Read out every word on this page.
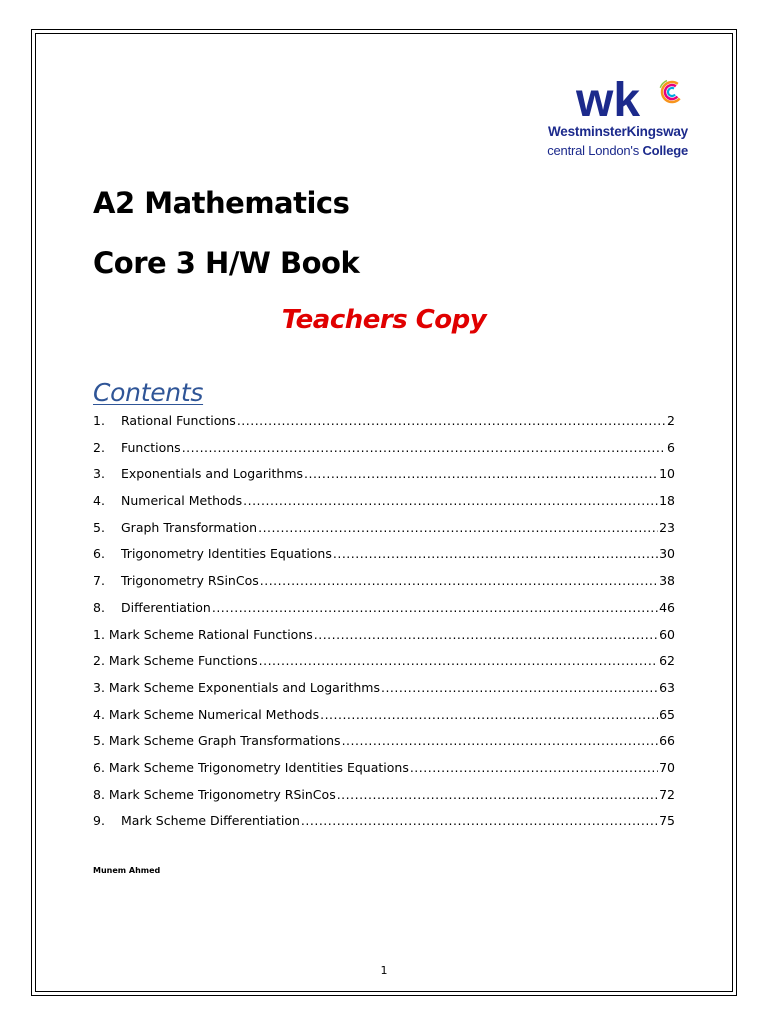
wk
WestminsterKingsway
central London's College
A2 Mathematics
Core 3 H/W Book
Teachers Copy
Contents
1.	Rational Functions .....	2
2.	Functions .....	6
3.	Exponentials and Logarithms .....	10
4.	Numerical Methods .....	18
5.	Graph Transformation .....	23
6.	Trigonometry Identities Equations .....	30
7.	Trigonometry RSinCos .....	38
8.	Differentiation .....	46
1. Mark Scheme Rational Functions .....	60
2. Mark Scheme Functions .....	62
3. Mark Scheme Exponentials and Logarithms .....	63
4. Mark Scheme Numerical Methods .....	65
5. Mark Scheme Graph Transformations .....	66
6. Mark Scheme Trigonometry Identities Equations .....	70
8. Mark Scheme Trigonometry RSinCos .....	72
9.	Mark Scheme Differentiation .....	75
Munem Ahmed
1
